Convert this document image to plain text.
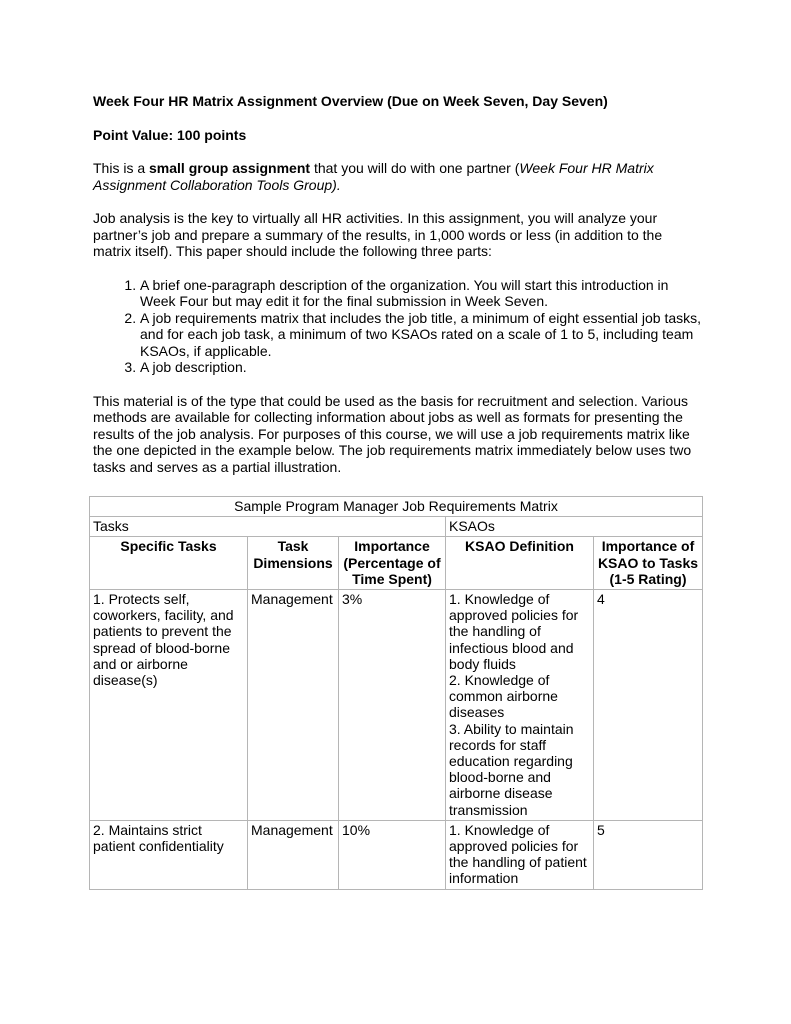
Week Four HR Matrix Assignment Overview (Due on Week Seven, Day Seven)

Point Value: 100 points

This is a small group assignment that you will do with one partner (Week Four HR Matrix Assignment Collaboration Tools Group).

Job analysis is the key to virtually all HR activities. In this assignment, you will analyze your partner’s job and prepare a summary of the results, in 1,000 words or less (in addition to the matrix itself). This paper should include the following three parts:

1. A brief one-paragraph description of the organization. You will start this introduction in Week Four but may edit it for the final submission in Week Seven.
2. A job requirements matrix that includes the job title, a minimum of eight essential job tasks, and for each job task, a minimum of two KSAOs rated on a scale of 1 to 5, including team KSAOs, if applicable.
3. A job description.

This material is of the type that could be used as the basis for recruitment and selection. Various methods are available for collecting information about jobs as well as formats for presenting the results of the job analysis. For purposes of this course, we will use a job requirements matrix like the one depicted in the example below. The job requirements matrix immediately below uses two tasks and serves as a partial illustration.

Sample Program Manager Job Requirements Matrix				
Tasks			KSAOs	
Specific Tasks	Task Dimensions	Importance (Percentage of Time Spent)	KSAO Definition	Importance of KSAO to Tasks (1-5 Rating)
1. Protects self, coworkers, facility, and patients to prevent the spread of blood-borne and or airborne disease(s)	Management	3%	1. Knowledge of approved policies for the handling of infectious blood and body fluids
2. Knowledge of common airborne diseases
3. Ability to maintain records for staff education regarding blood-borne and airborne disease transmission	4
2. Maintains strict patient confidentiality	Management	10%	1. Knowledge of approved policies for the handling of patient information	5
